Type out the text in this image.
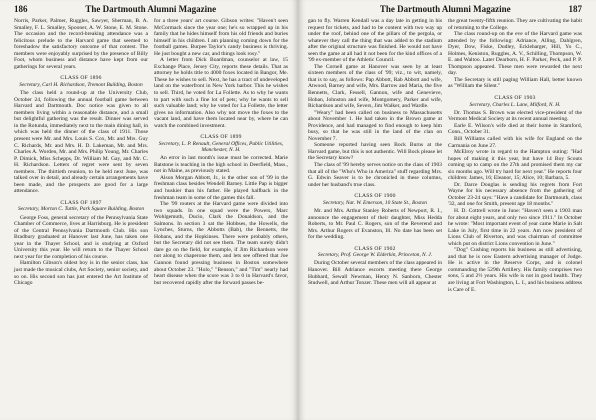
186	The Dartmouth Alumni Magazine

Norris, Parker, Palmer, Ruggles, Sawyer, Sherman, B. A. Smalley, F. L. Smalley, Spooner, A. W. Stone, E. M. Stone. The occasion and the record-breaking attendance was a felicitous prelude to the Harvard game that seemed to foreshadow the satisfactory outcome of that contest. The members were enjoyably surprised by the presence of Billy Foot, whom business and distance have kept from our gatherings for several years.

CLASS OF 1896
Secretary, Carl H. Richardson, Tremont Building, Boston

The class held a round-up at the University Club, October 24, following the annual football game between Harvard and Dartmouth. Doc notice was given to all members living within a reasonable distance, and a small but delightful gathering was the result. Dinner was served in the Rotunda, immediately next to the main dining hall, in which was held the dinner of the class of 1911. Those present were Mr. and Mrs. Louis S. Cox, Mr. and Mrs. Guy C. Richards, Mr. and Mrs. H. D. Lakeman, Mr. and Mrs. Charles A. Worden, Mr. and Mrs. Philip Young, Mr. Charles P. Dimick, Miss Schepps, Dr. William M. Gay, and Mr. C. H. Richardson. Letters of regret were sent by seven members. The thirtieth reunion, to be held next June, was talked over in detail, and already certain arrangements have been made, and the prospects are good for a large attendance.

CLASS OF 1897
Secretary, Morton C. Tuttle, Park Square Building, Boston

George Foss, general secretary of the Pennsylvania State Chamber of Commerce, lives at Harrisburg. He is president of the Central Pennsylvania Dartmouth Club. His son Bradbury graduated at Hanover last June, has taken one year in the Thayer School, and is studying at Oxford University this year. He will return to the Thayer School next year for the completion of his course.

Hamilton Gibson's oldest boy is in the senior class, has just made the musical clubs, Art Society, senior society, and so on. His second son has just entered the Art Institute of Chicago

for a three years' art course. Gibson writes: "Haven't seen McCormack since the year one; he's so wrapped up in his family that he hides himself from his old friends and buries himself in his children. I am planning coming down for the football games. Burpee Taylor's candy business is thriving. He just bought a new car, and things look rosy."

A letter from Dick Boardman, counselor at law, 15 Exchange Place, Jersey City, reports these details. That as attorney he holds title to 4000 foxes located in Bangor, Me. These he wishes to sell. Next, he has a tract of undeveloped land on the waterfront in New York harbor. This he wishes to sell. Third, he voted for La Follette. As to why he wants to part with such a fine lot of pets; why he wants to sell such valuable land; why he voted for La Follette, the letter gives no information. Also why not move the foxes to the vacant land, and have them located near by, where he can watch the combined investment.

CLASS OF 1899
Secretary, L. P. Renault, General Offices, Public Utilities, Manchester, N. H.

An error in last month's issue must be corrected. Marie Batstone is teaching in the high school in Deerfield, Mass., not in Maine, as previously stated.

Alson Morgan Abbott, Jr., is the other son of '99 in the freshman class besides Wendell Barney. Little Pap is bigger and huskier than his father. He played halfback in the freshman team in some of the games this fall.

The '99 routers at the Harvard game were divided into two squads. In one squad were the Powers, Marc Wohlgemuth, Ducio, Clark the Donaldson, and the Salmons. In section 3 sat the Hobbses, the Howells, the Lynches, Sturns, the Abbotts (Bab), the Bennetts, the Hobans, and the Hopkinses. There were probably others, but the Secretary did not see them. The team surely didn't dare go on the field, for example, if Jim Richardson were not along to chaperone them, and lets see offered that Joe Gannon found pressing business in Boston somewhere about October 23. "Holo," "Benson," and "Tim" nearly had heart disease when the score was 3 to 0 in Harvard's favor, but recovered rapidly after the forward passes be-

The Dartmouth Alumni Magazine	187

gan to fly. Warren Kendall was a day late in getting in his request for tickets, and had to be content with two way up under the roof, behind one of the pillars of the pergola, or whatever they call the thing that was added to the stadium after the original structure was finished. He would not have seen the game at all had it not been for the kind offices of a '99 ex-member of the Athletic Council.

The Cornell game at Hanover was seen by at least sixteen members of the class of '99; viz., to wit, namely, that is to say, as follows: Pap Abbott, Rab Abbott and wife, Atwood, Barney and wife, Mrs. Barrow and Maria, the five Bennetts, Clark, Fessell, Gannon, wife and Genevieve, Hoban, Johnston and wife, Montgomery, Parker and wife, Richardson and wife, Severs, Jim Walker, and Wardle.

"Weary" had been called on business to Massachusetts about November 1. He had taken in the Brown game at Providence, and had managed to find enough to keep him busy, so that he was still in the land of the clan on November 7.

Someone reported having seen Bock Burns at the Harvard game, but this is not authentic. Will Bock please let the Secretary know?

The class of '99 hereby serves notice on the class of 1903 that all of the "Who's Who in America" stuff regarding Mrs. G. Edwin Seaver is to be chronicled in these columns, under her husband's true class.

CLASS OF 1900
Secretary, Nat. W. Emerson, 10 State St., Boston

Mr. and Mrs. Arthur Stanley Roberts of Newport, R. I., announce the engagement of their daughter, Miss Hedda Roberts, to Mr. Paul C. Rogers, son of the Reverend and Mrs. Arthur Rogers of Evanston, Ill. No date has been set for the wedding.

CLASS OF 1902
Secretary, Prof. George W. Elderkin, Princeton, N. J.

During October several members of the class appeared in Hanover. Bill Adriance escorts meeting there George Hubbard, Sewall Newman, Henry N. Sanborn, Chester Studwell, and Arthur Tonzer. These men will all appear at

the great twenty-fifth reunion. They are cultivating the habit of returning to the College.

The class round-up on the eve of the Harvard game was attended by the following: Adriance, Alling, Dahlgren, Dyer, Dow, Fiske, Dudley, Ecklebarger, Hill, Yo C., Holmes, Keniston, Ruggles, A. V., Schilling, Thompson, W. E. and Waltoo. Later Dearborn, H. F. Parker, Peck, and P. P. Thompson appeared. These men were rewarded the next day.

The Secretary is still paging William Hall, better known as "William the Silent."

CLASS OF 1903
Secretary, Charles L. Lane, Milford, N. H.

Dr. Thomas S. Brown was elected vice-president of the Vermont Medical Society at its recent annual meeting.

Earle E. Wilson's wife died at their home in Stamford, Conn., October 31.

Bill Williams called with his wife for England on the Carmania on June 27.

McElroy wrote in regard to the Hampton outing: "Had hopes of making it this year, but have 14 Boy Scouts coming up to camp on the 27th and promised them my car six months ago. Will try hard for next year." He reports four children: James, 16; Eleanor, 15; Alice, 10; Barbara, 5.

Dr. Darce Douglas is sending his regrets from Fort Wayne for his necessary absence from the gathering of October 23-24 says: "Have a candidate for Dartmouth, class '32, and one for Smith, present age 18 months."

H. D. Cottrell wrote in June: "Haven't seen a 1903 man for about eight years, and only two since 1911." In October he wrote: "Most important event of year came Marie in Salt Lake in July, first time in 22 years. Am now president of Lions Club of Riverton, and was chairman of committee which put on district Lions convention in June."

"Dog" Cushing reports his business as still advertising, and that he is now Eastern advertising manager of Judge. He is active in the Reserve Corps, and is colonel commanding the 529th Artillery. His family comprises two sons, 5 and 2½ years. His wife is not in good health. They are living at Fort Washington, L. I., and his business address is Care of E.
